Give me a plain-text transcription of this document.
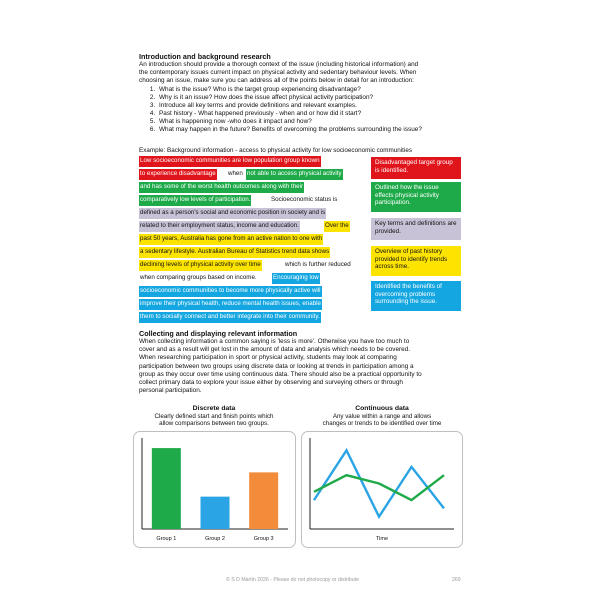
Introduction and background research
An introduction should provide a thorough context of the issue (including historical information) and
the contemporary issues current impact on physical activity and sedentary behaviour levels. When
choosing an issue, make sure you can address all of the points below in detail for an introduction:
1. What is the issue? Who is the target group experiencing disadvantage?
2. Why is it an issue? How does the issue affect physical activity participation?
3. Introduce all key terms and provide definitions and relevant examples.
4. Past history - What happened previously - when and or how did it start?
5. What is happening now -who does it impact and how?
6. What may happen in the future? Benefits of overcoming the problems surrounding the issue?
Example: Background information - access to physical activity for low socioeconomic communities
Low socioeconomic communities are low population group known
to experience disadvantage when not able to access physical activity
and has some of the worst health outcomes along with their
comparatively low levels of participation.	Socioeconomic status is
defined as a person's social and economic position in society and is
related to their employment status, income and education.	Over the
past 50 years, Australia has gone from an active nation to one with
a sedentary lifestyle. Australian Bureau of Statistics trend data shows
declining levels of physical activity over time	which is further reduced
when comparing groups based on income.	Encouraging low
socioeconomic communities to become more physically active will
improve their physical health, reduce mental health issues, enable
them to socially connect and better integrate into their community.
Disadvantaged target group is identified.
Outlined how the issue effects physical activity participation.
Key terms and definitions are provided.
Overview of past history provided to identify trends across time.
Identified the benefits of overcoming problems surrounding the issue.
Collecting and displaying relevant information
When collecting information a common saying is 'less is more'. Otherwise you have too much to
cover and as a result will get lost in the amount of data and analysis which needs to be covered.
When researching participation in sport or physical activity, students may look at comparing
participation between two groups using discrete data or looking at trends in participation among a
group as they occur over time using continuous data. There should also be a practical opportunity to
collect primary data to explore your issue either by observing and surveying others or through
personal participation.
Discrete data
Clearly defined start and finish points which
allow comparisons between two groups.
Continuous data
Any value within a range and allows
changes or trends to be identified over time
Group 1	Group 2	Group 3	Time
© S D Martin 2026 - Please do not photocopy or distribute	269
